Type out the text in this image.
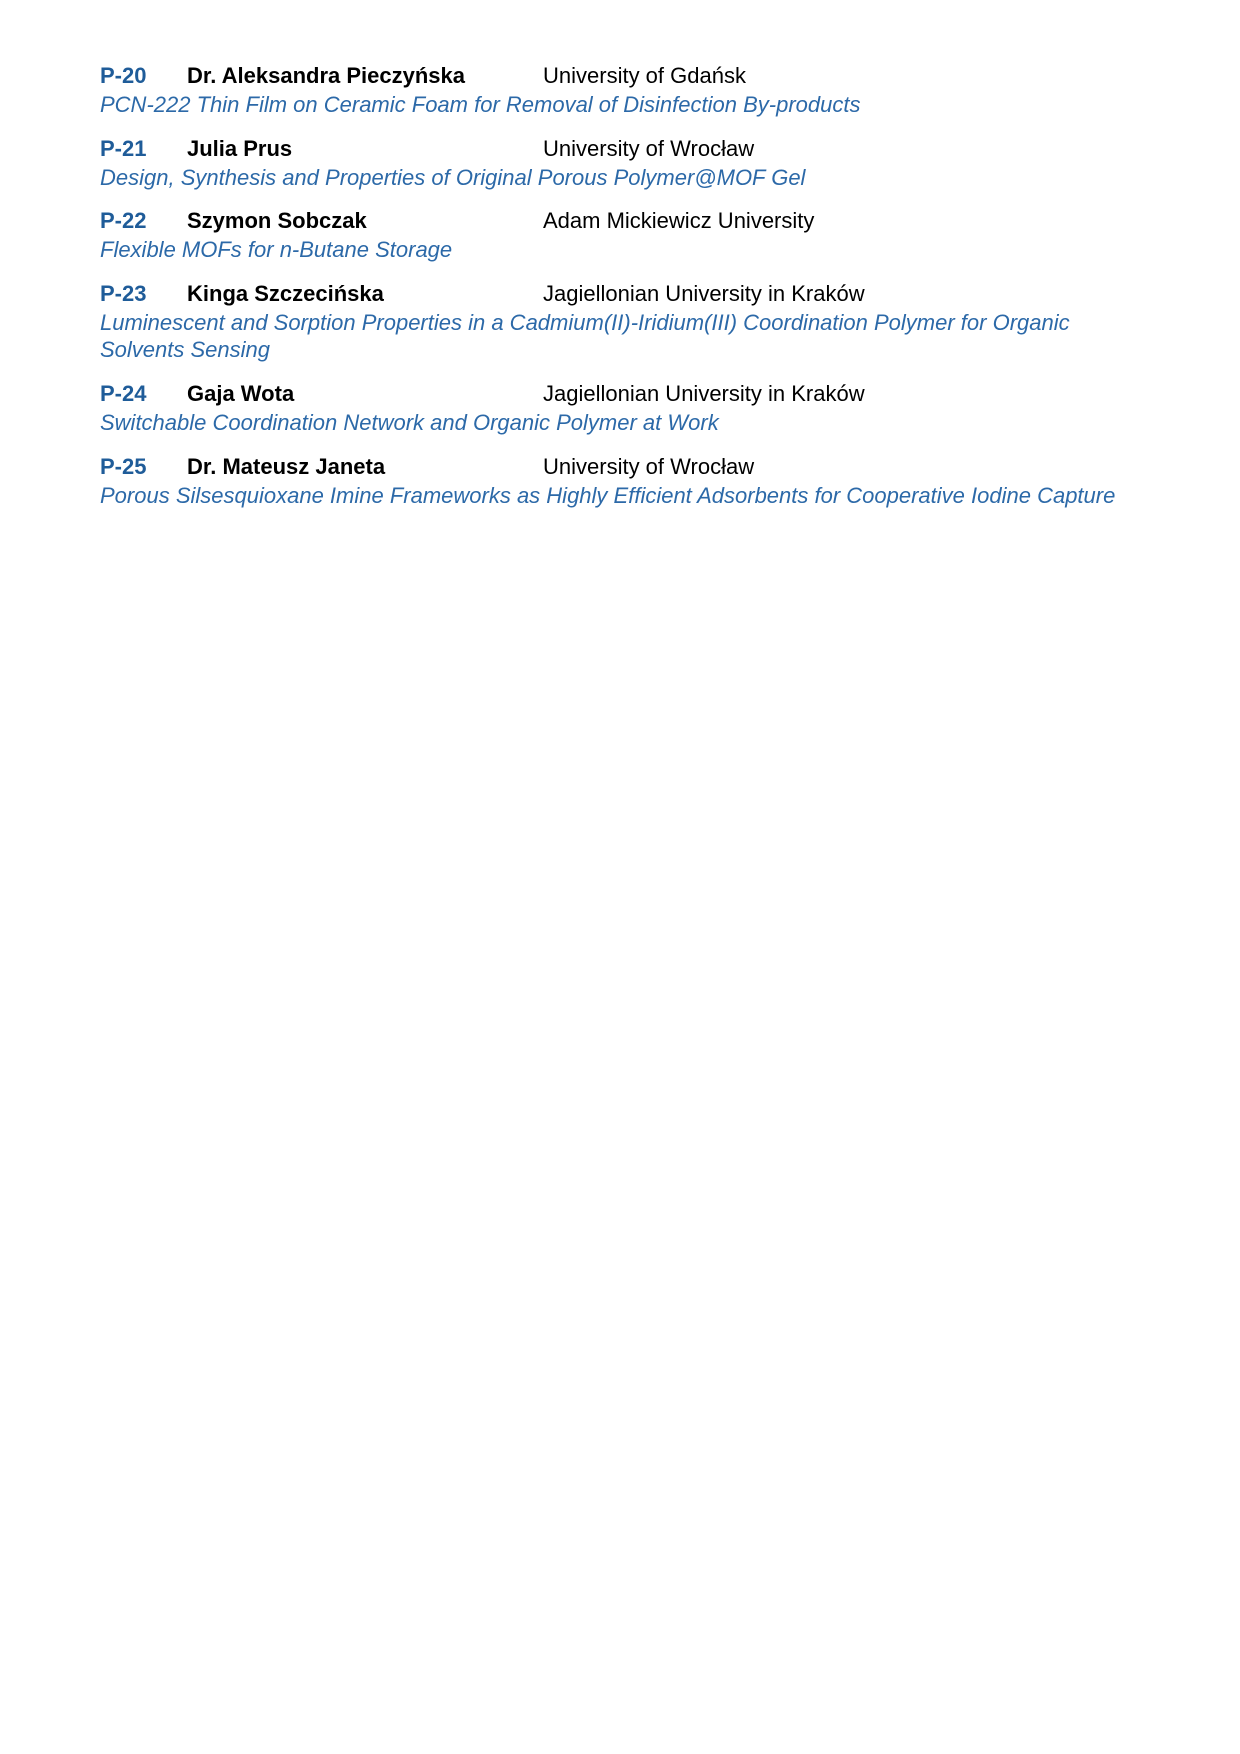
P-20 Dr. Aleksandra Pieczyńska	University of Gdańsk
PCN-222 Thin Film on Ceramic Foam for Removal of Disinfection By-products
P-21 Julia Prus	University of Wrocław
Design, Synthesis and Properties of Original Porous Polymer@MOF Gel
P-22 Szymon Sobczak	Adam Mickiewicz University
Flexible MOFs for n-Butane Storage
P-23 Kinga Szczecińska	Jagiellonian University in Kraków
Luminescent and Sorption Properties in a Cadmium(II)-Iridium(III) Coordination Polymer for Organic Solvents Sensing
P-24 Gaja Wota	Jagiellonian University in Kraków
Switchable Coordination Network and Organic Polymer at Work
P-25 Dr. Mateusz Janeta	University of Wrocław
Porous Silsesquioxane Imine Frameworks as Highly Efficient Adsorbents for Cooperative Iodine Capture
